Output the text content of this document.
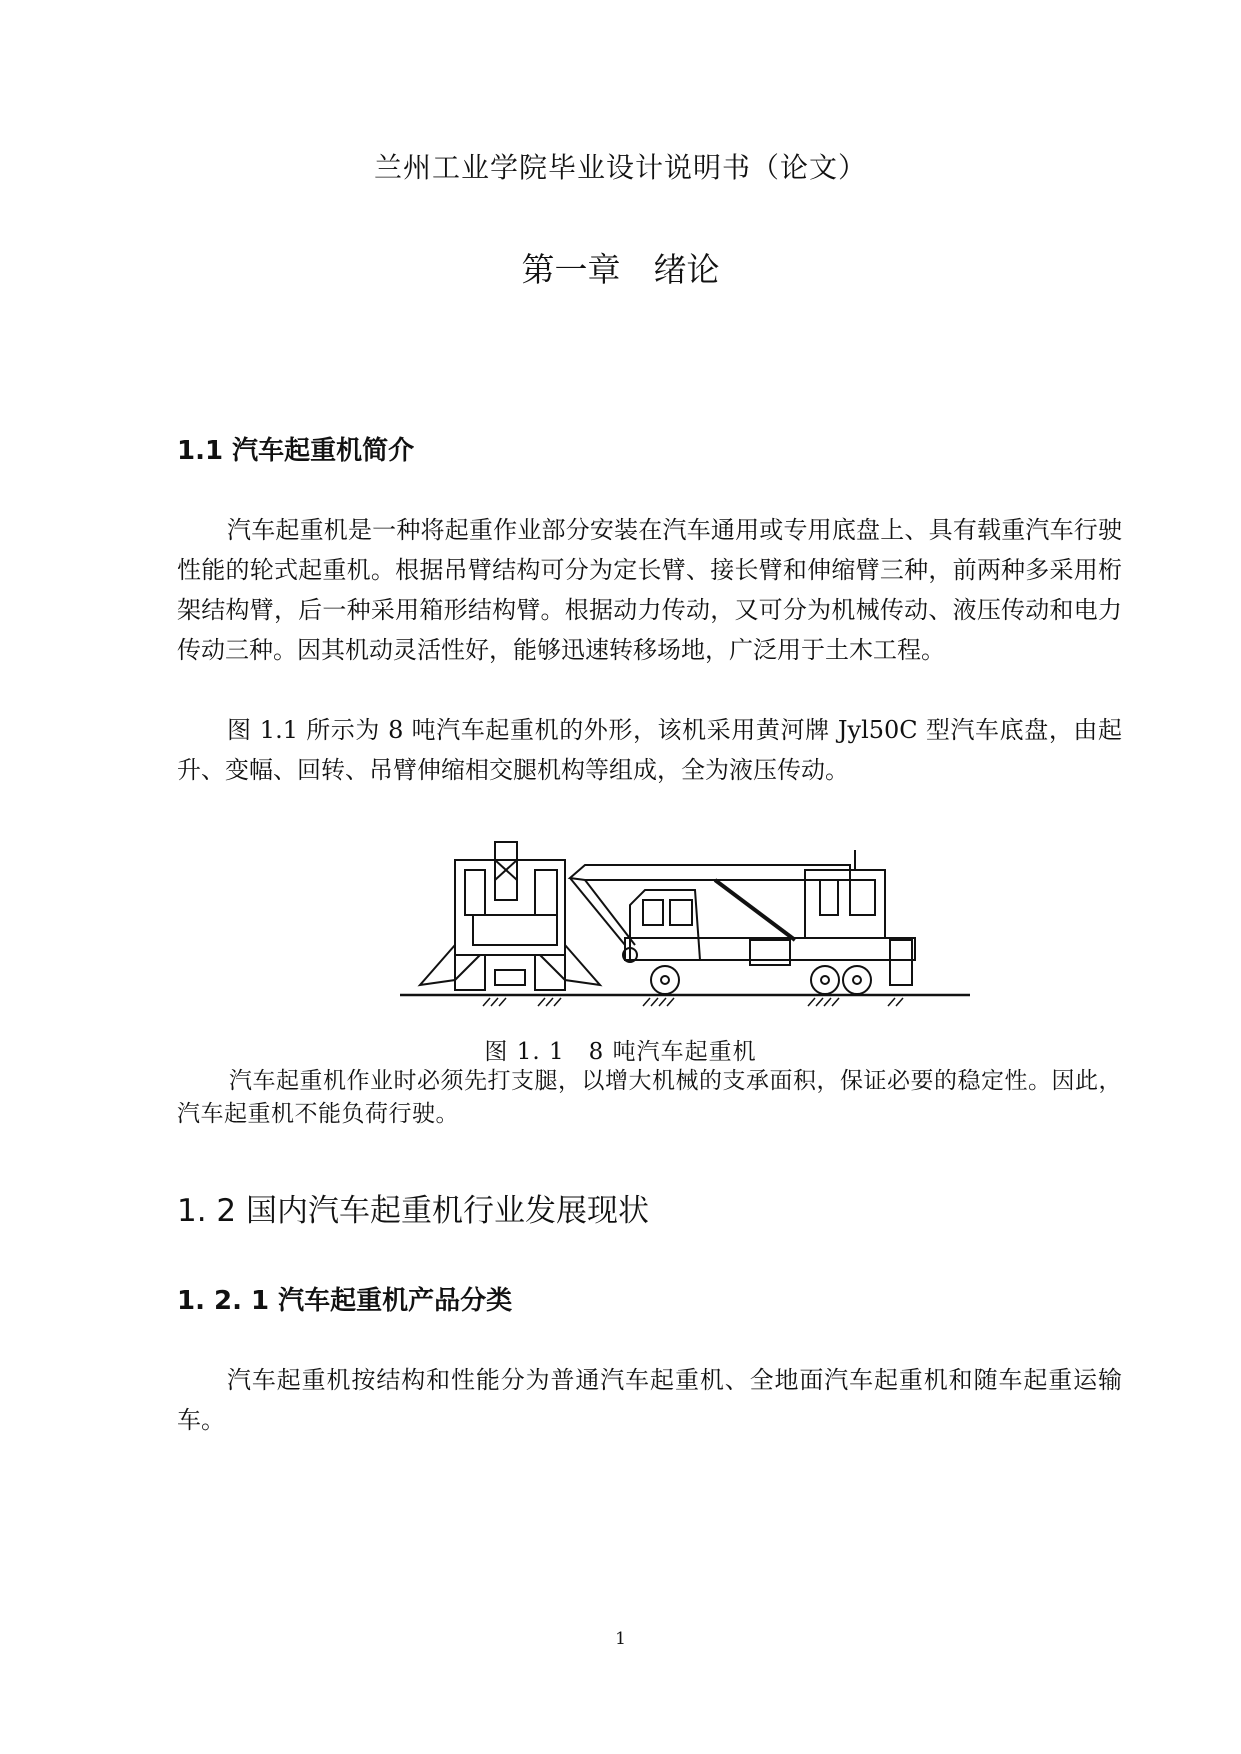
兰州工业学院毕业设计说明书（论文）
第一章　绪论
1.1 汽车起重机简介
汽车起重机是一种将起重作业部分安装在汽车通用或专用底盘上、具有载重汽车行驶性能的轮式起重机。根据吊臂结构可分为定长臂、接长臂和伸缩臂三种，前两种多采用桁架结构臂，后一种采用箱形结构臂。根据动力传动，又可分为机械传动、液压传动和电力传动三种。因其机动灵活性好，能够迅速转移场地，广泛用于土木工程。
图 1.1 所示为 8 吨汽车起重机的外形，该机采用黄河牌 Jyl50C 型汽车底盘，由起升、变幅、回转、吊臂伸缩相交腿机构等组成，全为液压传动。
图 1. 1　8 吨汽车起重机
汽车起重机作业时必须先打支腿，以增大机械的支承面积，保证必要的稳定性。因此，汽车起重机不能负荷行驶。
1. 2 国内汽车起重机行业发展现状
1. 2. 1 汽车起重机产品分类
汽车起重机按结构和性能分为普通汽车起重机、全地面汽车起重机和随车起重运输车。
1
